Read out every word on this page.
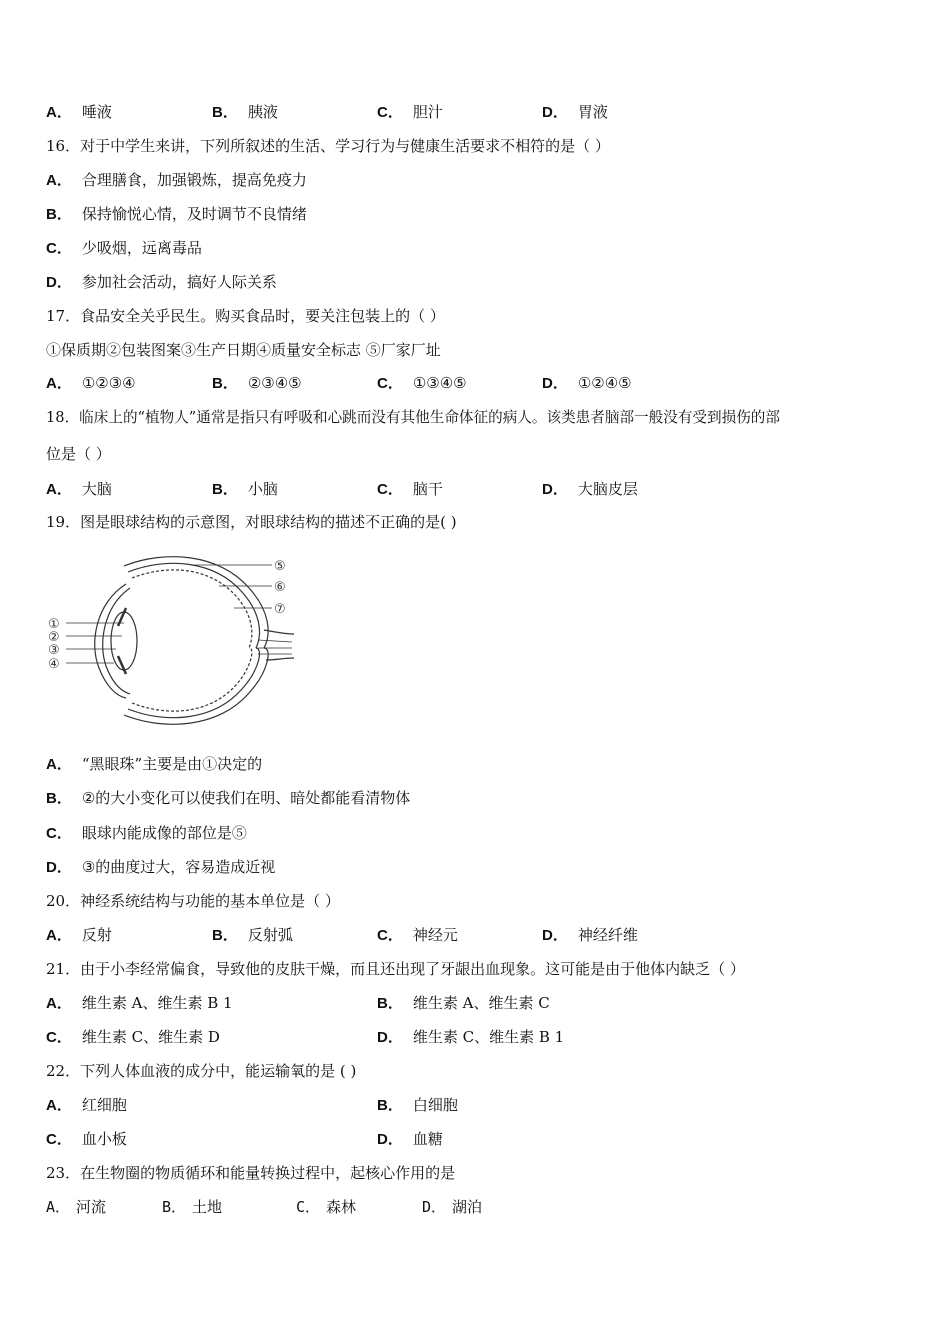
A． 唾液	B． 胰液	C． 胆汁	D． 胃液
16．对于中学生来讲，下列所叙述的生活、学习行为与健康生活要求不相符的是（ ）
A． 合理膳食，加强锻炼，提高免疫力
B． 保持愉悦心情，及时调节不良情绪
C． 少吸烟，远离毒品
D． 参加社会活动，搞好人际关系
17．食品安全关乎民生。购买食品时，要关注包装上的（ ）
①保质期②包装图案③生产日期④质量安全标志 ⑤厂家厂址
A． ①②③④	B． ②③④⑤	C． ①③④⑤	D． ①②④⑤
18．临床上的“植物人”通常是指只有呼吸和心跳而没有其他生命体征的病人。该类患者脑部一般没有受到损伤的部
位是（ ）
A． 大脑	B． 小脑	C． 脑干	D． 大脑皮层
19．图是眼球结构的示意图，对眼球结构的描述不正确的是( )
①
②
③
④
⑤
⑥
⑦
A． “黑眼珠”主要是由①决定的
B． ②的大小变化可以使我们在明、暗处都能看清物体
C． 眼球内能成像的部位是⑤
D． ③的曲度过大，容易造成近视
20．神经系统结构与功能的基本单位是（ ）
A． 反射	B． 反射弧	C． 神经元	D． 神经纤维
21．由于小李经常偏食，导致他的皮肤干燥，而且还出现了牙龈出血现象。这可能是由于他体内缺乏（ ）
A． 维生素 A、维生素 B 1	B． 维生素 A、维生素 C
C． 维生素 C、维生素 D	D． 维生素 C、维生素 B 1
22．下列人体血液的成分中，能运输氧的是 ( )
A． 红细胞	B． 白细胞
C． 血小板	D． 血糖
23．在生物圈的物质循环和能量转换过程中，起核心作用的是
A． 河流	B． 土地	C． 森林	D． 湖泊
